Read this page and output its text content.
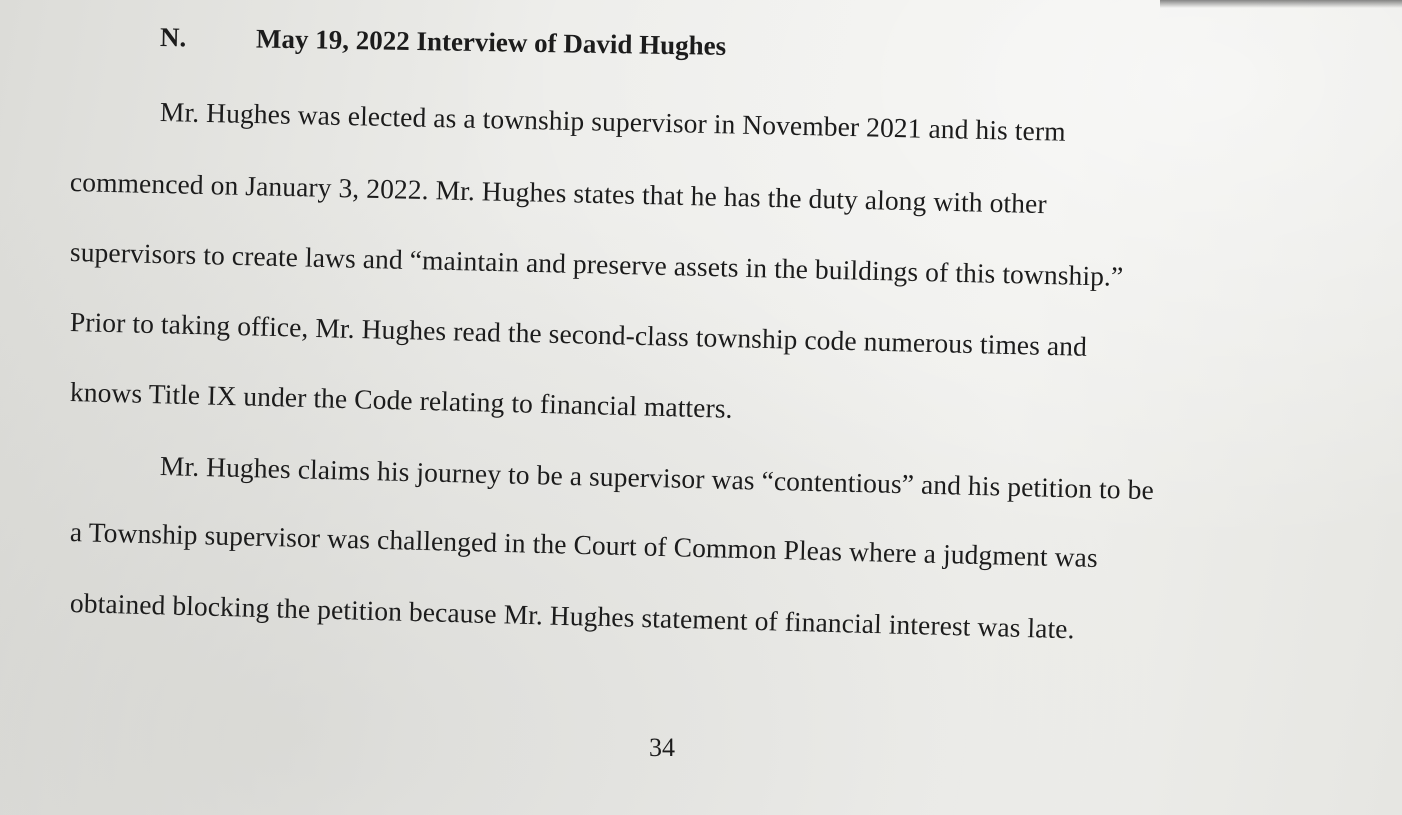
N.	May 19, 2022 Interview of David Hughes
Mr. Hughes was elected as a township supervisor in November 2021 and his term
commenced on January 3, 2022. Mr. Hughes states that he has the duty along with other
supervisors to create laws and “maintain and preserve assets in the buildings of this township.”
Prior to taking office, Mr. Hughes read the second-class township code numerous times and
knows Title IX under the Code relating to financial matters.
Mr. Hughes claims his journey to be a supervisor was “contentious” and his petition to be
a Township supervisor was challenged in the Court of Common Pleas where a judgment was
obtained blocking the petition because Mr. Hughes statement of financial interest was late.
34
